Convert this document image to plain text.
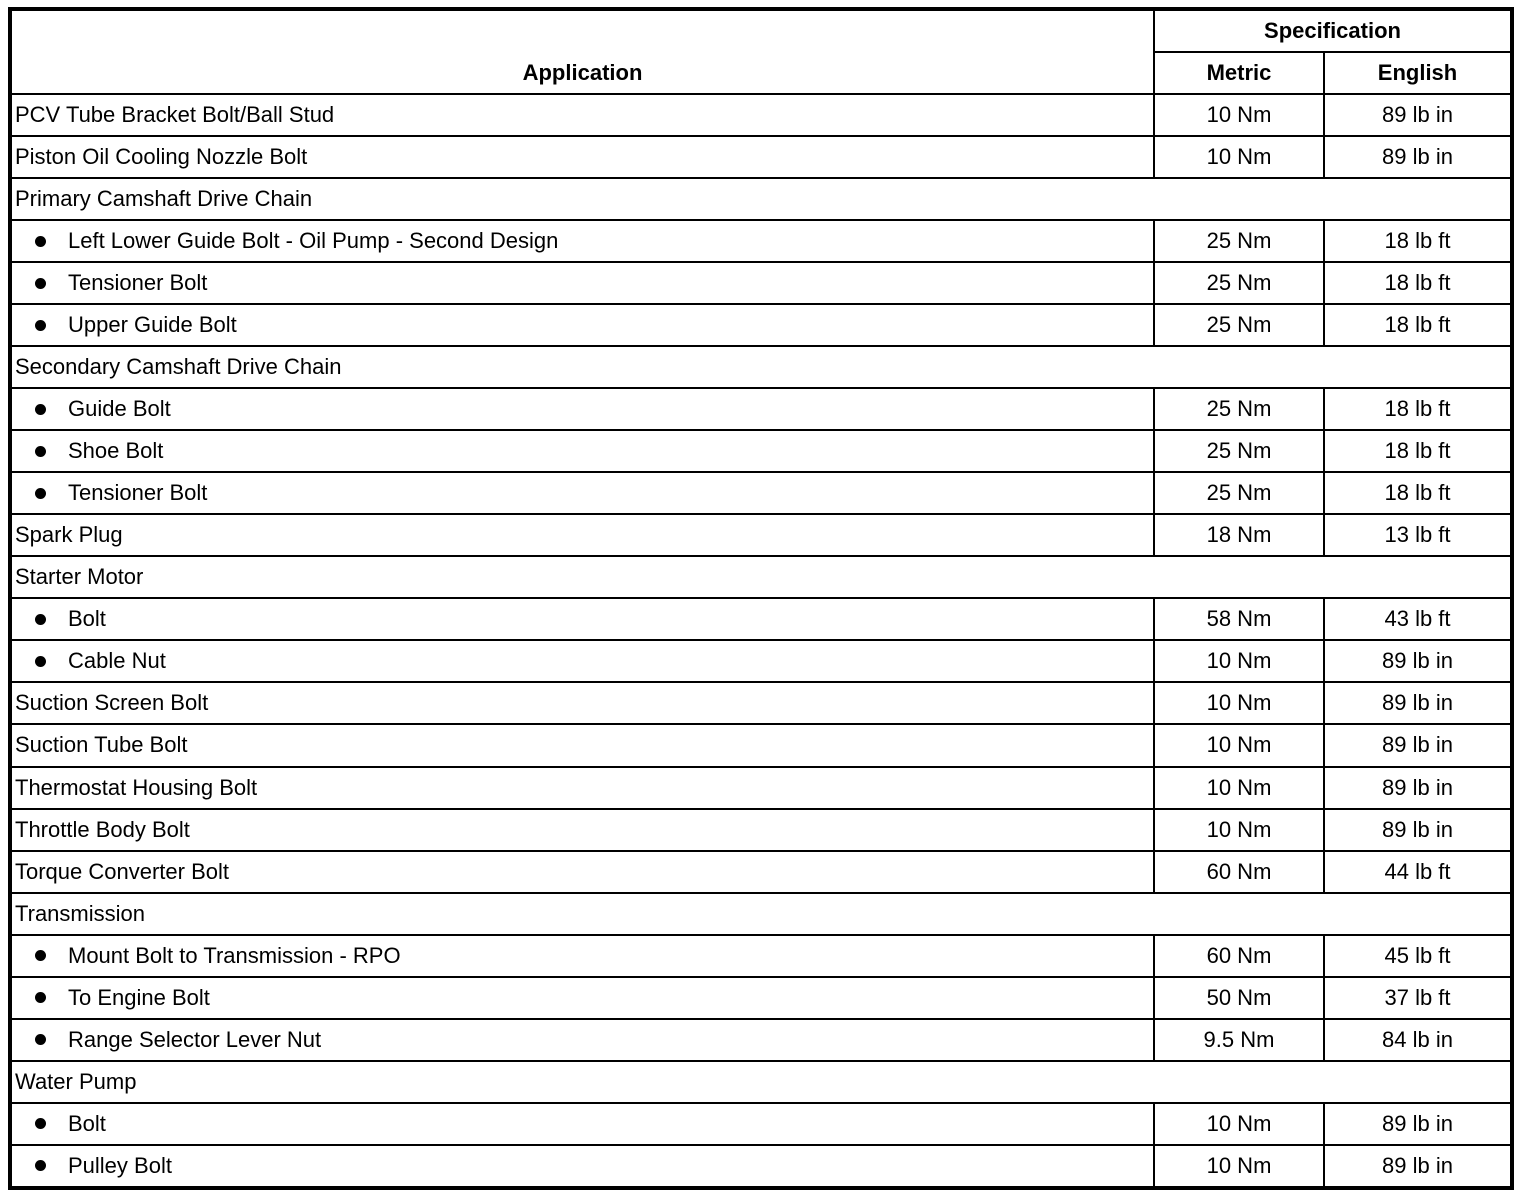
Application	Specification	
	Metric	English

PCV Tube Bracket Bolt/Ball Stud	10 Nm	89 lb in

Piston Oil Cooling Nozzle Bolt	10 Nm	89 lb in

Primary Camshaft Drive Chain		

Left Lower Guide Bolt - Oil Pump - Second Design	25 Nm	18 lb ft

Tensioner Bolt	25 Nm	18 lb ft

Upper Guide Bolt	25 Nm	18 lb ft

Secondary Camshaft Drive Chain		

Guide Bolt	25 Nm	18 lb ft

Shoe Bolt	25 Nm	18 lb ft

Tensioner Bolt	25 Nm	18 lb ft

Spark Plug	18 Nm	13 lb ft

Starter Motor		

Bolt	58 Nm	43 lb ft

Cable Nut	10 Nm	89 lb in

Suction Screen Bolt	10 Nm	89 lb in

Suction Tube Bolt	10 Nm	89 lb in

Thermostat Housing Bolt	10 Nm	89 lb in

Throttle Body Bolt	10 Nm	89 lb in

Torque Converter Bolt	60 Nm	44 lb ft

Transmission		

Mount Bolt to Transmission - RPO	60 Nm	45 lb ft

To Engine Bolt	50 Nm	37 lb ft

Range Selector Lever Nut	9.5 Nm	84 lb in

Water Pump		

Bolt	10 Nm	89 lb in

Pulley Bolt	10 Nm	89 lb in
